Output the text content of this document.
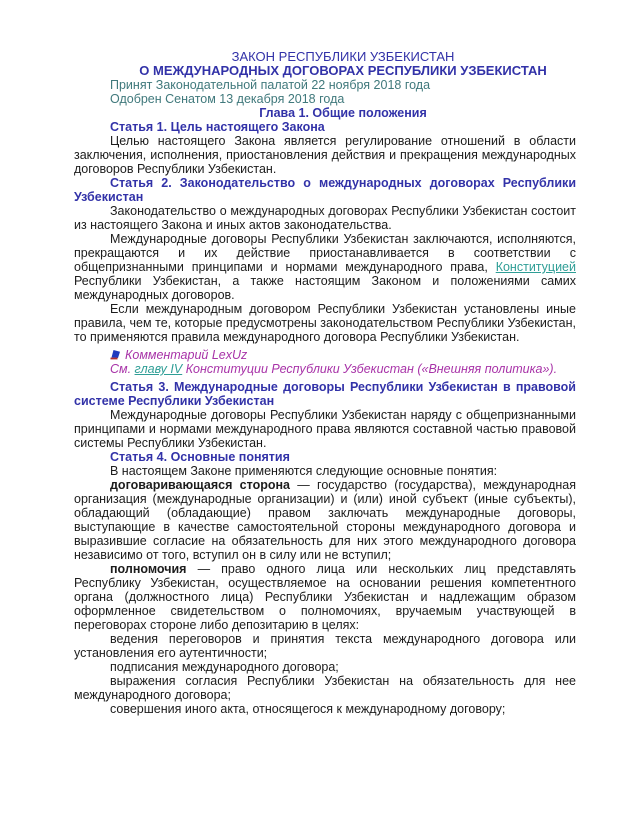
ЗАКОН РЕСПУБЛИКИ УЗБЕКИСТАН

О МЕЖДУНАРОДНЫХ ДОГОВОРАХ РЕСПУБЛИКИ УЗБЕКИСТАН

Принят Законодательной палатой 22 ноября 2018 года

Одобрен Сенатом 13 декабря 2018 года

Глава 1. Общие положения

Статья 1. Цель настоящего Закона

Целью настоящего Закона является регулирование отношений в области заключения, исполнения, приостановления действия и прекращения международных договоров Республики Узбекистан.

Статья 2. Законодательство о международных договорах Республики Узбекистан

Законодательство о международных договорах Республики Узбекистан состоит из настоящего Закона и иных актов законодательства.

Международные договоры Республики Узбекистан заключаются, исполняются, прекращаются и их действие приостанавливается в соответствии с общепризнанными принципами и нормами международного права, Конституцией Республики Узбекистан, а также настоящим Законом и положениями самих международных договоров.

Если международным договором Республики Узбекистан установлены иные правила, чем те, которые предусмотрены законодательством Республики Узбекистан, то применяются правила международного договора Республики Узбекистан.

Комментарий LexUz

См. главу IV Конституции Республики Узбекистан («Внешняя политика»).

Статья 3. Международные договоры Республики Узбекистан в правовой системе Республики Узбекистан

Международные договоры Республики Узбекистан наряду с общепризнанными принципами и нормами международного права являются составной частью правовой системы Республики Узбекистан.

Статья 4. Основные понятия

В настоящем Законе применяются следующие основные понятия:

договаривающаяся сторона — государство (государства), международная организация (международные организации) и (или) иной субъект (иные субъекты), обладающий (обладающие) правом заключать международные договоры, выступающие в качестве самостоятельной стороны международного договора и выразившие согласие на обязательность для них этого международного договора независимо от того, вступил он в силу или не вступил;

полномочия — право одного лица или нескольких лиц представлять Республику Узбекистан, осуществляемое на основании решения компетентного органа (должностного лица) Республики Узбекистан и надлежащим образом оформленное свидетельством о полномочиях, вручаемым участвующей в переговорах стороне либо депозитарию в целях:

ведения переговоров и принятия текста международного договора или установления его аутентичности;

подписания международного договора;

выражения согласия Республики Узбекистан на обязательность для нее международного договора;

совершения иного акта, относящегося к международному договору;
